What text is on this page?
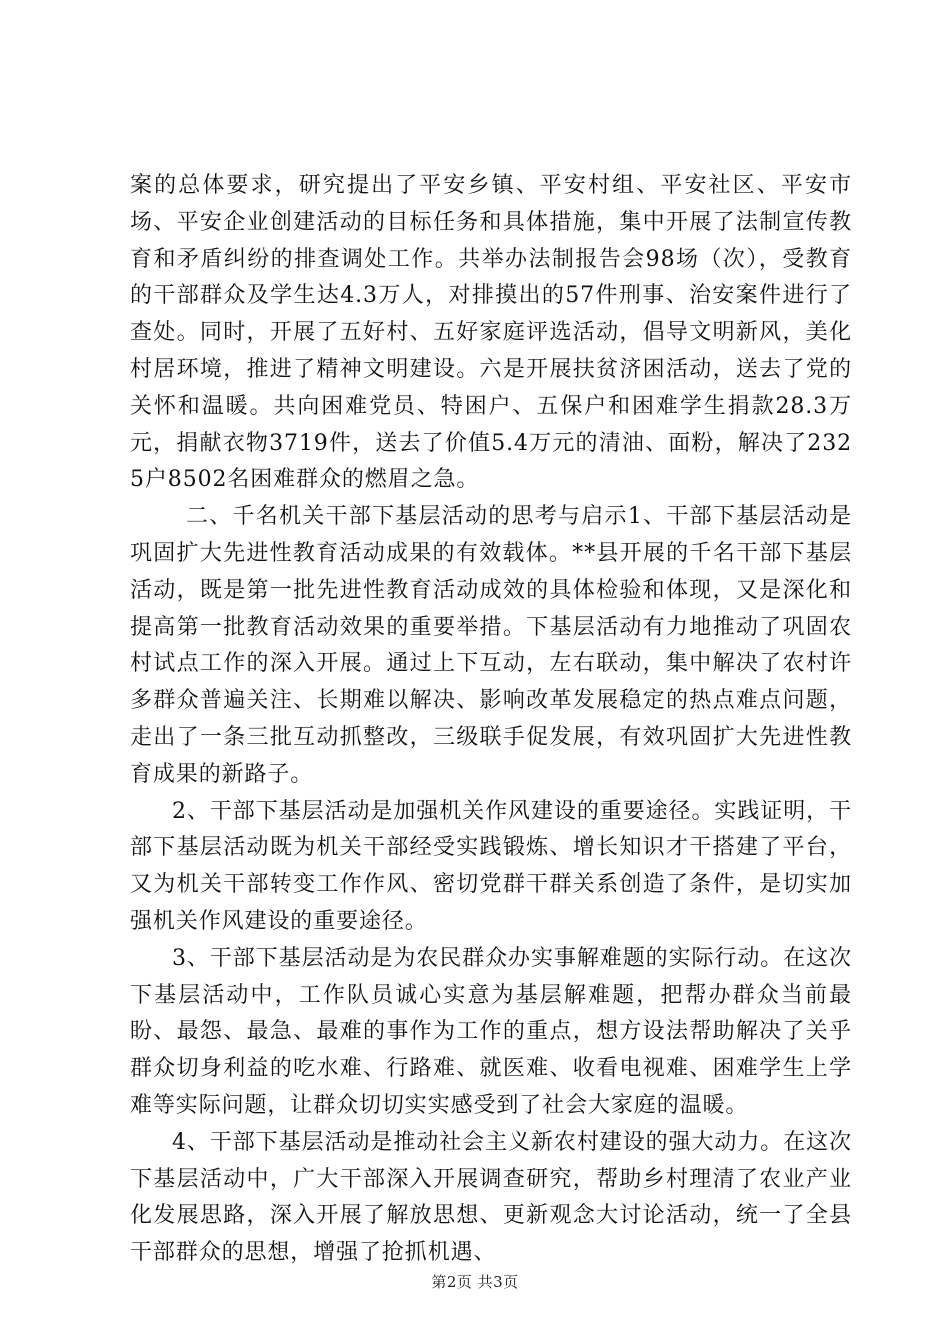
案的总体要求，研究提出了平安乡镇、平安村组、平安社区、平安市场、平安企业创建活动的目标任务和具体措施，集中开展了法制宣传教育和矛盾纠纷的排查调处工作。共举办法制报告会98场（次），受教育的干部群众及学生达4.3万人，对排摸出的57件刑事、治安案件进行了查处。同时，开展了五好村、五好家庭评选活动，倡导文明新风，美化村居环境，推进了精神文明建设。六是开展扶贫济困活动，送去了党的关怀和温暖。共向困难党员、特困户、五保户和困难学生捐款28.3万元，捐献衣物3719件，送去了价值5.4万元的清油、面粉，解决了2325户8502名困难群众的燃眉之急。

二、千名机关干部下基层活动的思考与启示1、干部下基层活动是巩固扩大先进性教育活动成果的有效载体。**县开展的千名干部下基层活动，既是第一批先进性教育活动成效的具体检验和体现，又是深化和提高第一批教育活动效果的重要举措。下基层活动有力地推动了巩固农村试点工作的深入开展。通过上下互动，左右联动，集中解决了农村许多群众普遍关注、长期难以解决、影响改革发展稳定的热点难点问题，走出了一条三批互动抓整改，三级联手促发展，有效巩固扩大先进性教育成果的新路子。

2、干部下基层活动是加强机关作风建设的重要途径。实践证明，干部下基层活动既为机关干部经受实践锻炼、增长知识才干搭建了平台，又为机关干部转变工作作风、密切党群干群关系创造了条件，是切实加强机关作风建设的重要途径。

3、干部下基层活动是为农民群众办实事解难题的实际行动。在这次下基层活动中，工作队员诚心实意为基层解难题，把帮办群众当前最盼、最怨、最急、最难的事作为工作的重点，想方设法帮助解决了关乎群众切身利益的吃水难、行路难、就医难、收看电视难、困难学生上学难等实际问题，让群众切切实实感受到了社会大家庭的温暖。

4、干部下基层活动是推动社会主义新农村建设的强大动力。在这次下基层活动中，广大干部深入开展调查研究，帮助乡村理清了农业产业化发展思路，深入开展了解放思想、更新观念大讨论活动，统一了全县干部群众的思想，增强了抢抓机遇、

第2页 共3页
